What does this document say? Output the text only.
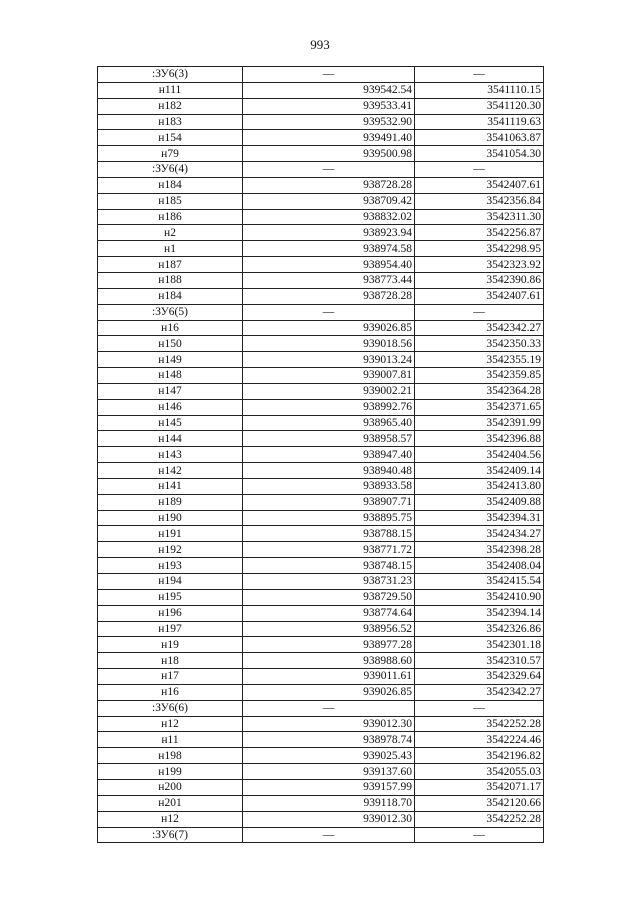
993
:ЗУ6(3)	—	—
н111	939542.54	3541110.15
н182	939533.41	3541120.30
н183	939532.90	3541119.63
н154	939491.40	3541063.87
н79	939500.98	3541054.30
:ЗУ6(4)	—	—
н184	938728.28	3542407.61
н185	938709.42	3542356.84
н186	938832.02	3542311.30
н2	938923.94	3542256.87
н1	938974.58	3542298.95
н187	938954.40	3542323.92
н188	938773.44	3542390.86
н184	938728.28	3542407.61
:ЗУ6(5)	—	—
н16	939026.85	3542342.27
н150	939018.56	3542350.33
н149	939013.24	3542355.19
н148	939007.81	3542359.85
н147	939002.21	3542364.28
н146	938992.76	3542371.65
н145	938965.40	3542391.99
н144	938958.57	3542396.88
н143	938947.40	3542404.56
н142	938940.48	3542409.14
н141	938933.58	3542413.80
н189	938907.71	3542409.88
н190	938895.75	3542394.31
н191	938788.15	3542434.27
н192	938771.72	3542398.28
н193	938748.15	3542408.04
н194	938731.23	3542415.54
н195	938729.50	3542410.90
н196	938774.64	3542394.14
н197	938956.52	3542326.86
н19	938977.28	3542301.18
н18	938988.60	3542310.57
н17	939011.61	3542329.64
н16	939026.85	3542342.27
:ЗУ6(6)	—	—
н12	939012.30	3542252.28
н11	938978.74	3542224.46
н198	939025.43	3542196.82
н199	939137.60	3542055.03
н200	939157.99	3542071.17
н201	939118.70	3542120.66
н12	939012.30	3542252.28
:ЗУ6(7)	—	—
